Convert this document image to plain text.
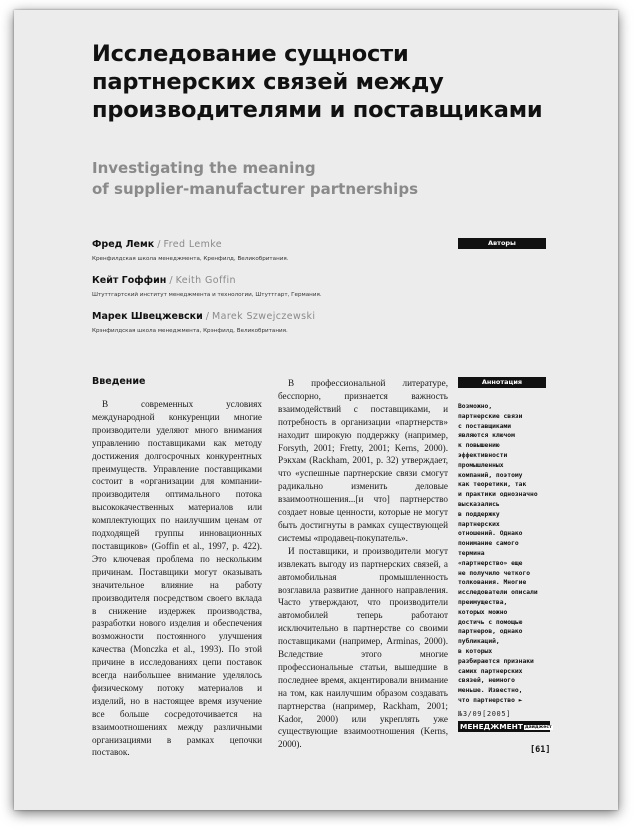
Исследование сущности
партнерских связей между
производителями и поставщиками
Investigating the meaning
of supplier-manufacturer partnerships
Авторы
Фред Лемк / Fred Lemke
Кренфилдская школа менеджмента, Кренфилд, Великобритания.
Кейт Гоффин / Keith Goffin
Штуттгартский институт менеджмента и технологии, Штуттгарт, Германия.
Марек Швецжевски / Marek Szwejczewski
Крэнфилдская школа менеджмента, Крэнфилд, Великобритания.
Введение

В современных условиях международной конкуренции многие производители уделяют много внимания управлению поставщиками как методу достижения долгосрочных конкурентных преимуществ. Управление поставщиками состоит в «организации для компании-производителя оптимального потока высококачественных материалов или комплектующих по наилучшим ценам от подходящей группы инновационных поставщиков» (Goffin et al., 1997, p. 422). Это ключевая проблема по нескольким причинам. Поставщики могут оказывать значительное влияние на работу производителя посредством своего вклада в снижение издержек производства, разработки нового изделия и обеспечения возможности постоянного улучшения качества (Monczka et al., 1993). По этой причине в исследованиях цепи поставок всегда наибольшее внимание уделялось физическому потоку материалов и изделий, но в настоящее время изучение все больше сосредоточивается на взаимоотношениях между различными организациями в рамках цепочки поставок.

В профессиональной литературе, бесспорно, признается важность взаимодействий с поставщиками, и потребность в организации «партнерств» находит широкую поддержку (например, Forsyth, 2001; Fretty, 2001; Kerns, 2000). Рэкхам (Rackham, 2001, p. 32) утверждает, что «успешные партнерские связи смогут радикально изменить деловые взаимоотношения...[и что] партнерство создает новые ценности, которые не могут быть достигнуты в рамках существующей системы «продавец-покупатель».

И поставщики, и производители могут извлекать выгоду из партнерских связей, а автомобильная промышленность возглавила развитие данного направления. Часто утверждают, что производители автомобилей теперь работают исключительно в партнерстве со своими поставщиками (например, Arminas, 2000). Вследствие этого многие профессиональные статьи, вышедшие в последнее время, акцентировали внимание на том, как наилучшим образом создавать партнерства (например, Rackham, 2001; Kador, 2000) или укреплять уже существующие взаимоотношения (Kerns, 2000).

Аннотация
Возможно,
партнерские связи
с поставщиками
являются ключом
к повышению
эффективности
промышленных
компаний, поэтому
как теоретики, так
и практики однозначно
высказались
в поддержку
партнерских
отношений. Однако
понимание самого
термина
«партнерство» еще
не получило четкого
толкования. Многие
исследователи описали
преимущества,
которых можно
достичь с помощью
партнеров, однако
публикаций,
в которых
разбираются признаки
самих партнерских
связей, немного
меньше. Известно,
что партнерство ►
№3/09[2005]
МЕНЕДЖМЕНТ дайджест
[61]
